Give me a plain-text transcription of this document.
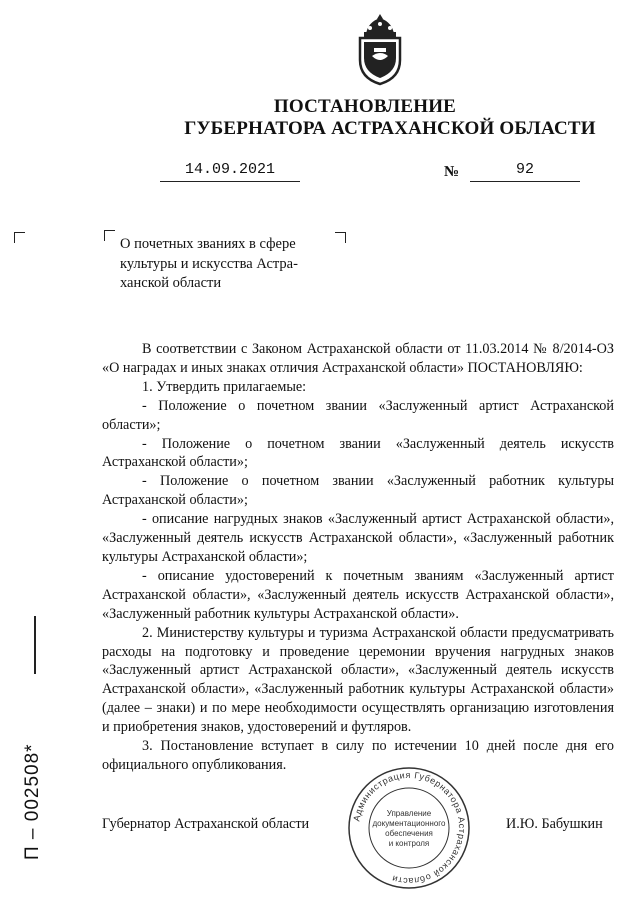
ПОСТАНОВЛЕНИЕ
ГУБЕРНАТОРА АСТРАХАНСКОЙ ОБЛАСТИ
14.09.2021	№	92
О почетных званиях в сфере
культуры и искусства Астра-
ханской области

В соответствии с Законом Астраханской области от 11.03.2014 № 8/2014-ОЗ «О наградах и иных знаках отличия Астраханской области» ПОСТАНОВЛЯЮ:

1. Утвердить прилагаемые:

- Положение о почетном звании «Заслуженный артист Астраханской области»;

- Положение о почетном звании «Заслуженный деятель искусств Астраханской области»;

- Положение о почетном звании «Заслуженный работник культуры Астраханской области»;

- описание нагрудных знаков «Заслуженный артист Астраханской области», «Заслуженный деятель искусств Астраханской области», «Заслуженный работник культуры Астраханской области»;

- описание удостоверений к почетным званиям «Заслуженный артист Астраханской области», «Заслуженный деятель искусств Астраханской области», «Заслуженный работник культуры Астраханской области».

2. Министерству культуры и туризма Астраханской области предусматривать расходы на подготовку и проведение церемонии вручения нагрудных знаков «Заслуженный артист Астраханской области», «Заслуженный деятель искусств Астраханской области», «Заслуженный работник культуры Астраханской области» (далее – знаки) и по мере необходимости осуществлять организацию изготовления и приобретения знаков, удостоверений и футляров.

3. Постановление вступает в силу по истечении 10 дней после дня его официального опубликования.

Губернатор Астраханской области	И.Ю. Бабушкин
Администрация Губернатора Астраханской области
Управление
документационного
обеспечения
и контроля
П – 002508*
